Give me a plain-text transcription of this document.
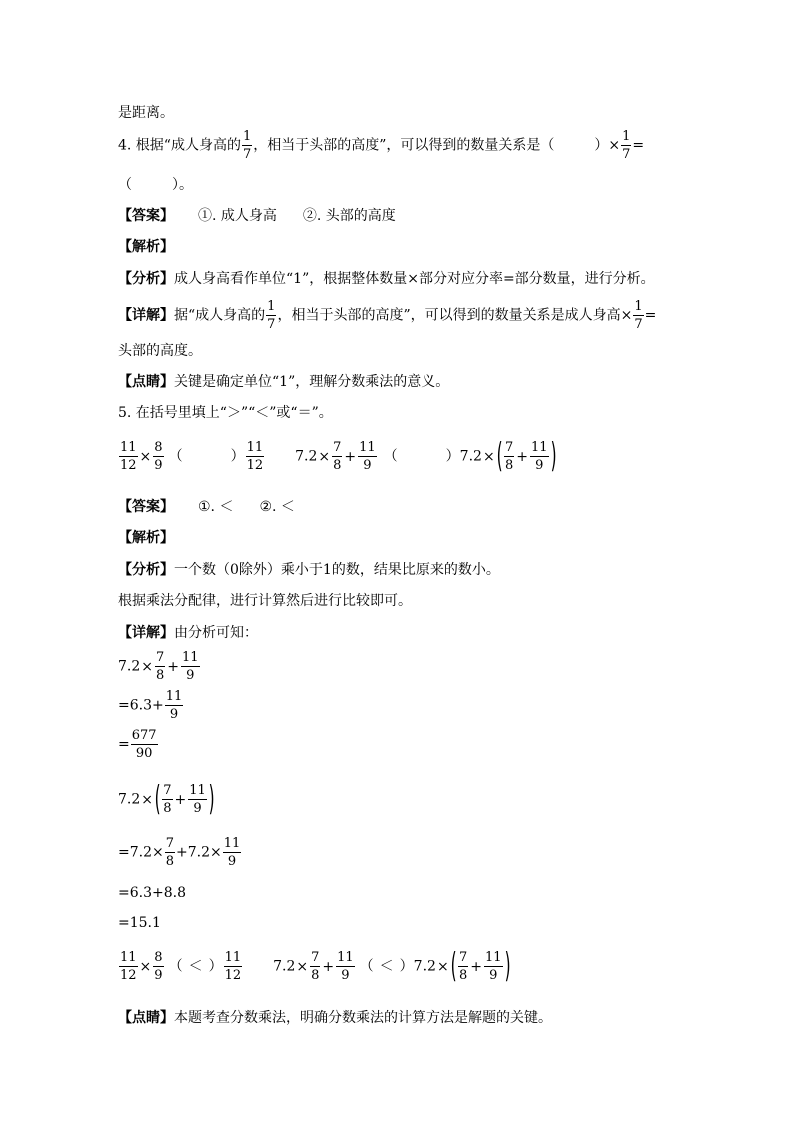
是距离。
4. 根据“成人身高的 $\frac{1}{7}$ ，相当于头部的高度”，可以得到的数量关系是（	）× $\frac{1}{7}$ =
（	）。
【答案】 ①. 成人身高 ②. 头部的高度
【解析】
【分析】成人身高看作单位“1”，根据整体数量×部分对应分率=部分数量，进行分析。
【详解】据“成人身高的 $\frac{1}{7}$ ，相当于头部的高度”，可以得到的数量关系是成人身高× $\frac{1}{7}$ =
头部的高度。
【点睛】关键是确定单位“1”，理解分数乘法的意义。
5. 在括号里填上“＞”“＜”或“＝”。
$\frac{11}{12} \times \frac{8}{9}$ （	） $\frac{11}{12} 7.2\times \frac{7}{8} + \frac{11}{9}$ （	）$7.2\times( \frac{7}{8} + \frac{11}{9}$ )
【答案】 ①. ＜ ②. ＜
【解析】
【分析】一个数（0除外）乘小于1的数，结果比原来的数小。
根据乘法分配律，进行计算然后进行比较即可。
【详解】由分析可知：
$7.2\times \frac{7}{8} + \frac{11}{9}$
$=6.3+ \frac{11}{9}$
= $\frac{677}{90}$
$7.2\times( \frac{7}{8} + \frac{11}{9}$ )
$=7.2\times \frac{7}{8} +7.2\times \frac{11}{9}$
=6.3+8.8
=15.1
$\frac{11}{12} \times \frac{8}{9}$ （ ＜ ） $\frac{11}{12} 7.2\times \frac{7}{8} + \frac{11}{9}$ （ ＜ ）$7.2\times( \frac{7}{8} + \frac{11}{9}$ )
【点睛】本题考查分数乘法，明确分数乘法的计算方法是解题的关键。
